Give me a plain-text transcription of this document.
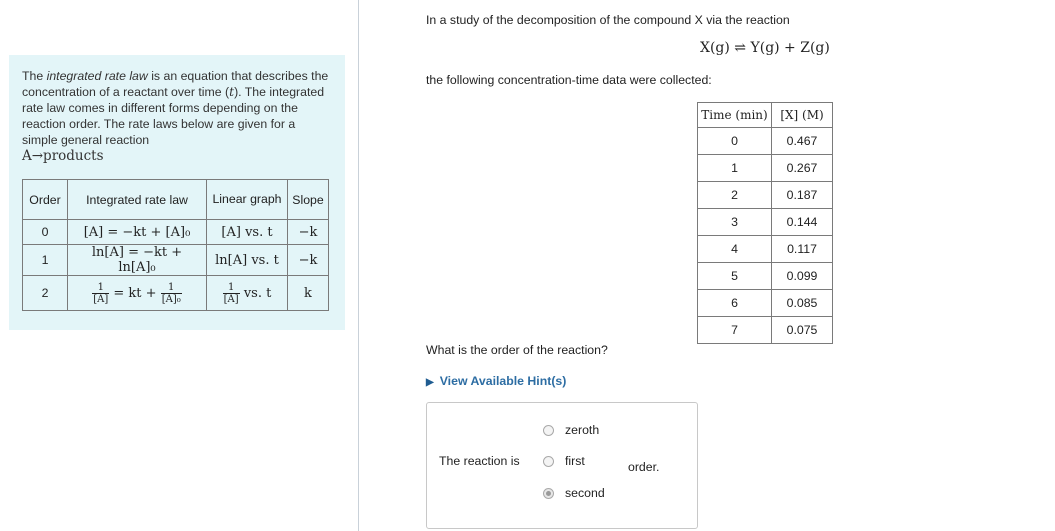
The integrated rate law is an equation that describes the concentration of a reactant over time (t). The integrated rate law comes in different forms depending on the reaction order. The rate laws below are given for a simple general reaction
A→products
Order	Integrated rate law	Linear graph	Slope
0	[A] = −kt + [A]₀	[A] vs. t	−k
1	ln[A] = −kt + ln[A]₀	ln[A] vs. t	−k
2	$\frac{1}{[A]}$ = kt + $\frac{1}{\text{[A]₀}}$	$\frac{1}{[A]}$ vs. t	k
In a study of the decomposition of the compound X via the reaction
X(g) ⇌ Y(g) + Z(g)
the following concentration-time data were collected:
Time (min)	[X] (M)
0	0.467
1	0.267
2	0.187
3	0.144
4	0.117
5	0.099
6	0.085
7	0.075
What is the order of the reaction?
▶ View Available Hint(s)
The reaction is
zeroth
first
second
order.
